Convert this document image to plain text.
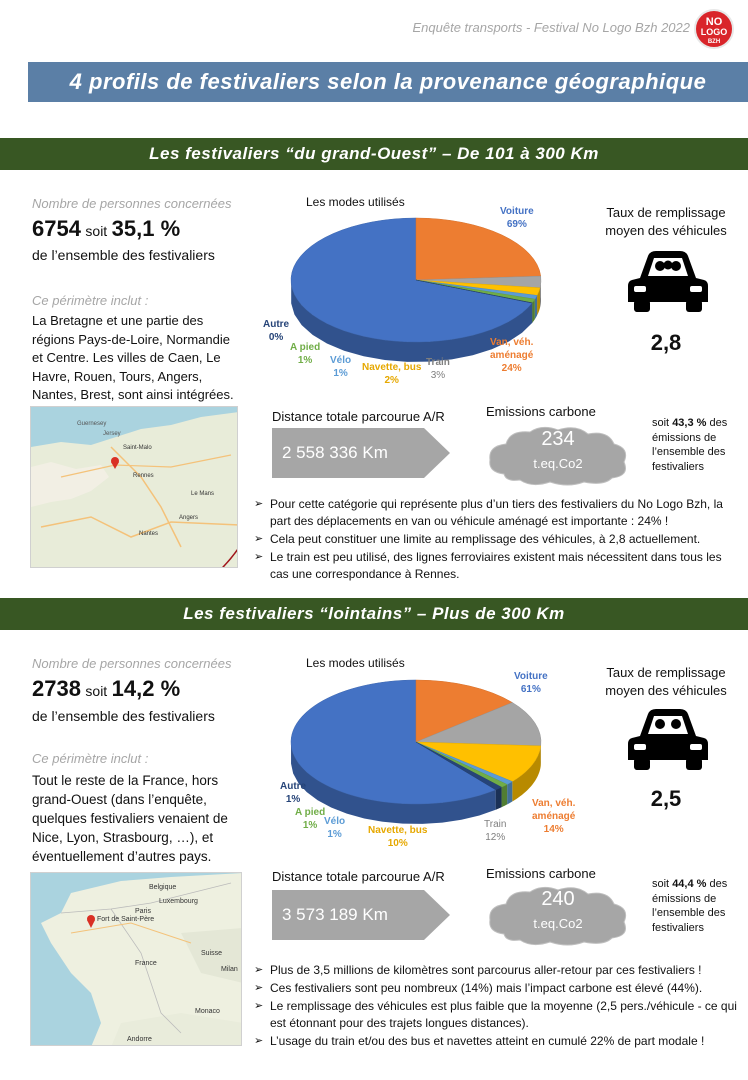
Enquête transports - Festival No Logo Bzh 2022	NO
LOGO
BZH
4 profils de festivaliers selon la provenance géographique
Les festivaliers “du grand-Ouest” – De 101 à 300 Km
Nombre de personnes concernées
6754 soit 35,1 %
de l’ensemble des festivaliers
Ce périmètre inclut :
La Bretagne et une partie des
régions Pays-de-Loire, Normandie
et Centre. Les villes de Caen, Le
Havre, Rouen, Tours, Angers,
Nantes, Brest, sont ainsi intégrées.
Guernesey
Jersey
Saint-Malo
Rennes
Nantes
Le Mans
Angers
Les modes utilisés
Voiture
69%
Van, véh.
aménagé
24%
Train
3%
Navette, bus
2%
Vélo
1%
A pied
1%
Autre
0%
Taux de remplissage
moyen des véhicules
2,8
Distance totale parcourue A/R
2 558 336 Km
Emissions carbone
234
t.eq.Co2
soit 43,3 % des
émissions de
l’ensemble des
festivaliers
➢ Pour cette catégorie qui représente plus d’un tiers des festivaliers du No Logo Bzh, la part des déplacements en van ou véhicule aménagé est importante : 24% !
➢ Cela peut constituer une limite au remplissage des véhicules, à 2,8 actuellement.
➢ Le train est peu utilisé, des lignes ferroviaires existent mais nécessitent dans tous les cas une correspondance à Rennes.
Les festivaliers “lointains” – Plus de 300 Km
Nombre de personnes concernées
2738 soit 14,2 %
de l’ensemble des festivaliers
Ce périmètre inclut :
Tout le reste de la France, hors
grand-Ouest (dans l’enquête,
quelques festivaliers venaient de
Nice, Lyon, Strasbourg, …), et
éventuellement d’autres pays.
Belgique
Luxembourg
Fort de Saint-Père
Paris
France
Suisse
Milan
Monaco
Andorre
Les modes utilisés
Voiture
61%
Van, véh.
aménagé
14%
Train
12%
Navette, bus
10%
Vélo
1%
A pied
1%
Autre
1%
Taux de remplissage
moyen des véhicules
2,5
Distance totale parcourue A/R
3 573 189 Km
Emissions carbone
240
t.eq.Co2
soit 44,4 % des
émissions de
l’ensemble des
festivaliers
➢ Plus de 3,5 millions de kilomètres sont parcourus aller-retour par ces festivaliers !
➢ Ces festivaliers sont peu nombreux (14%) mais l’impact carbone est élevé (44%).
➢ Le remplissage des véhicules est plus faible que la moyenne (2,5 pers./véhicule - ce qui est étonnant pour des trajets longues distances).
➢ L’usage du train et/ou des bus et navettes atteint en cumulé 22% de part modale !
